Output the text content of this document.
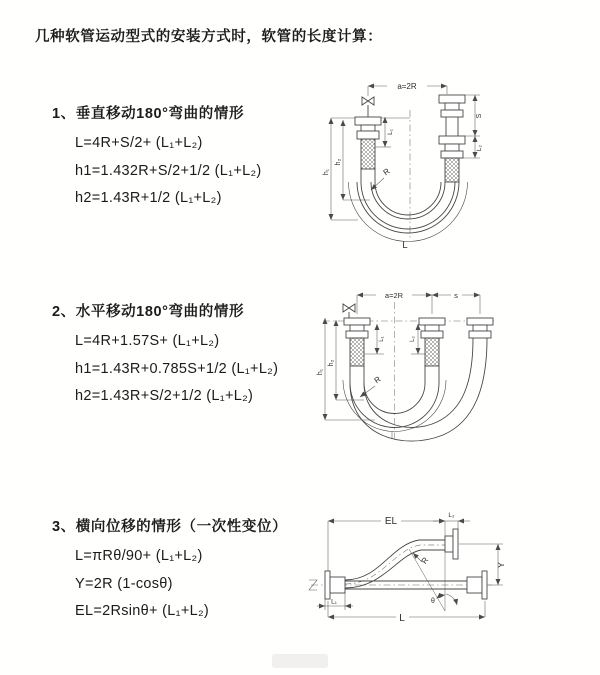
几种软管运动型式的安装方式时，软管的长度计算：
1、垂直移动180°弯曲的情形
L=4R+S/2+ (L₁+L₂)
h1=1.432R+S/2+1/2 (L₁+L₂)
h2=1.43R+1/2 (L₁+L₂)
2、水平移动180°弯曲的情形
L=4R+1.57S+ (L₁+L₂)
h1=1.43R+0.785S+1/2 (L₁+L₂)
h2=1.43R+S/2+1/2 (L₁+L₂)
3、横向位移的情形（一次性变位）
L=πRθ/90+ (L₁+L₂)
Y=2R (1-cosθ)
EL=2Rsinθ+ (L₁+L₂)
a=2R
h₁
h₂
L₁
S
L₂
R
L
a=2R	s
h₁
h₂
L₁	L₂
R
EL
L₂
Y
L
L₁
R
θ
